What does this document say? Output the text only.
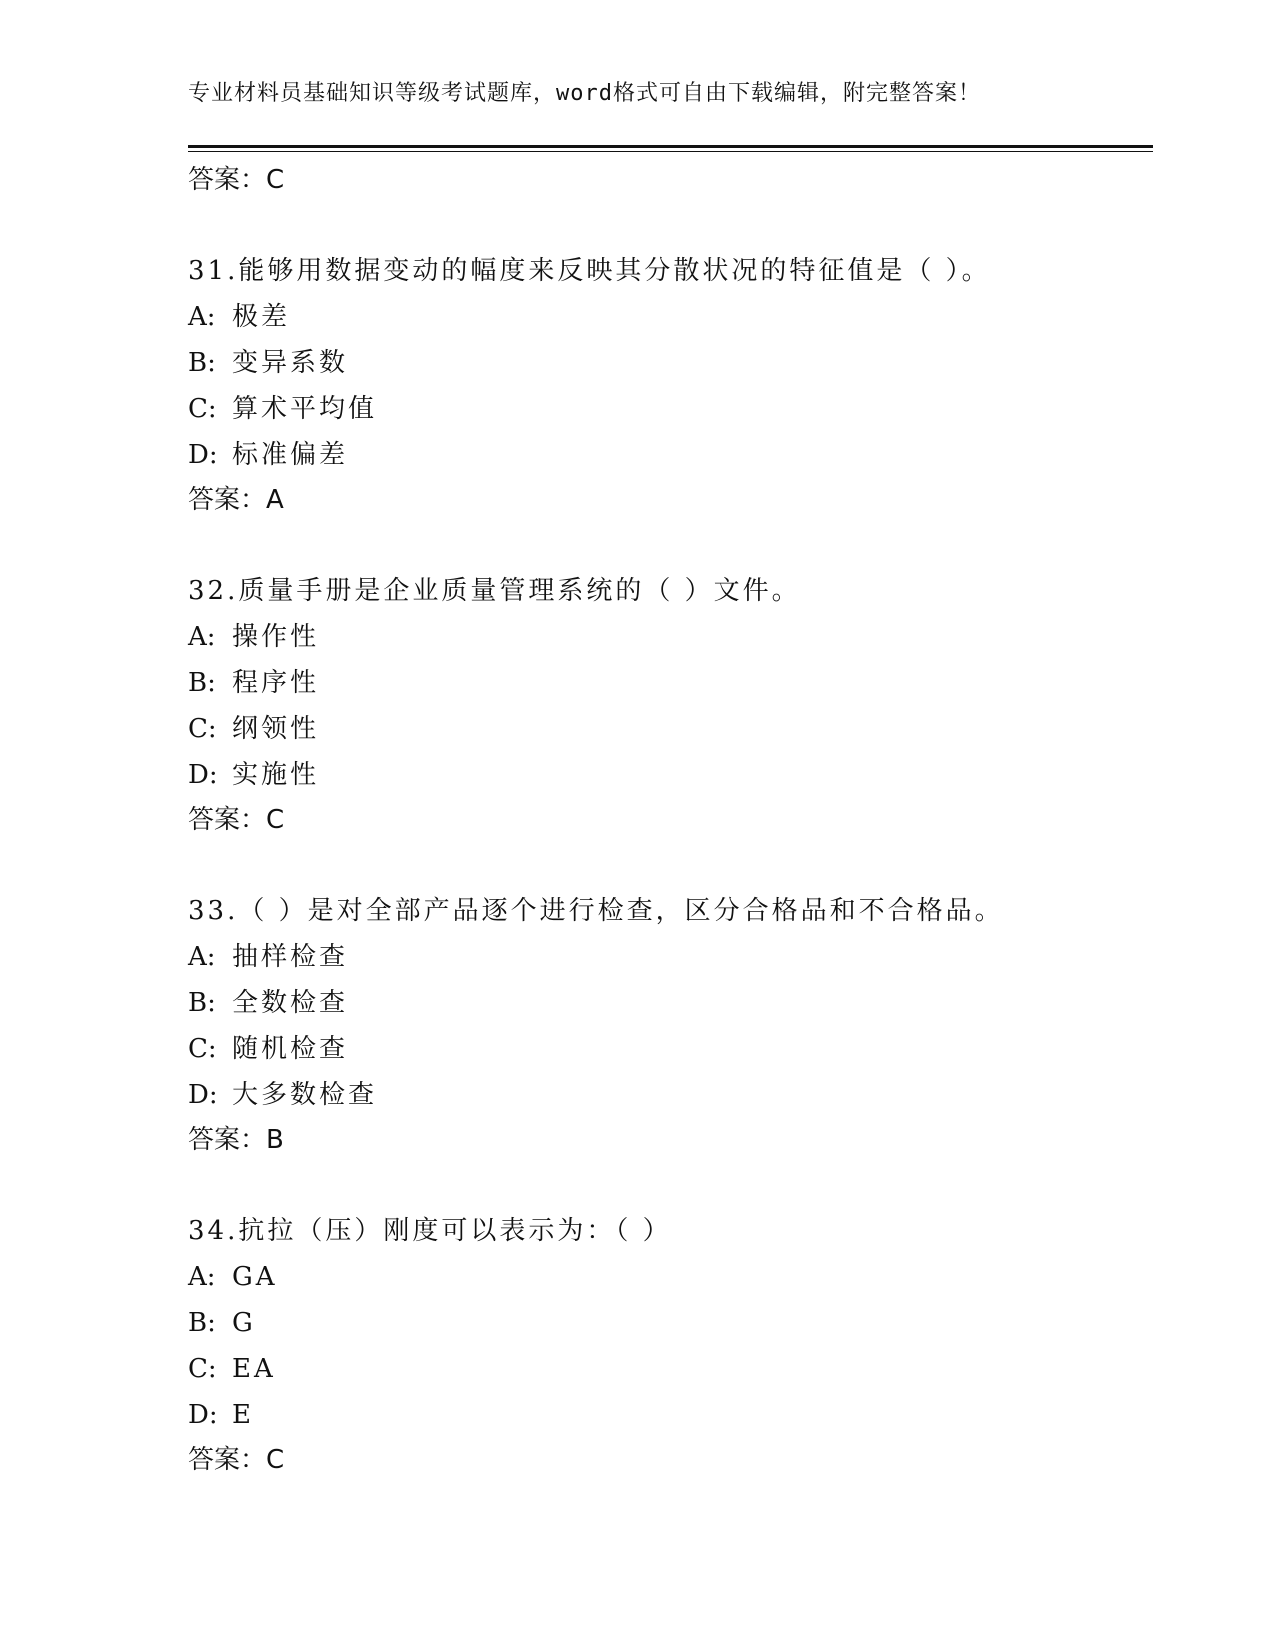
专业材料员基础知识等级考试题库，word格式可自由下载编辑，附完整答案！
答案：C
31.能够用数据变动的幅度来反映其分散状况的特征值是（ ）。
A: 极差
B: 变异系数
C: 算术平均值
D: 标准偏差
答案：A
32.质量手册是企业质量管理系统的（ ）文件。
A: 操作性
B: 程序性
C: 纲领性
D: 实施性
答案：C
33.（ ）是对全部产品逐个进行检查，区分合格品和不合格品。
A: 抽样检查
B: 全数检查
C: 随机检查
D: 大多数检查
答案：B
34.抗拉（压）刚度可以表示为：（ ）
A: GA
B: G
C: EA
D: E
答案：C
